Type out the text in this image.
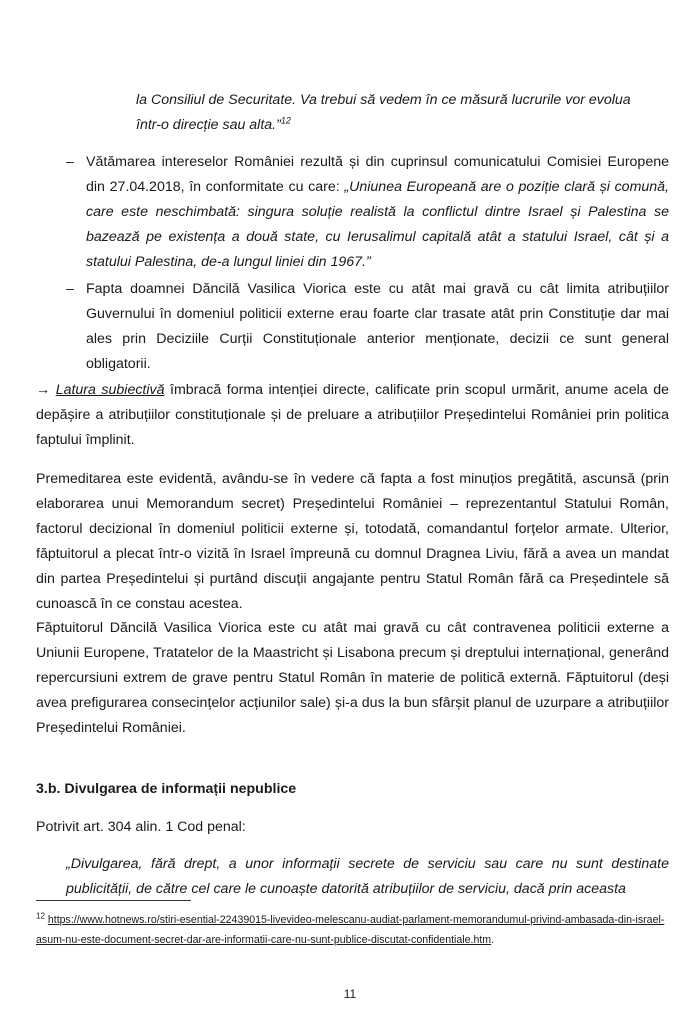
la Consiliul de Securitate. Va trebui să vedem în ce măsură lucrurile vor evolua
într-o direcție sau alta.”$^{12}$

– Vătămarea intereselor României rezultă și din cuprinsul comunicatului Comisiei Europene din 27.04.2018, în conformitate cu care: „Uniunea Europeană are o poziție clară și comună, care este neschimbată: singura soluție realistă la conflictul dintre Israel și Palestina se bazează pe existența a două state, cu Ierusalimul capitală atât a statului Israel, cât și a statului Palestina, de-a lungul liniei din 1967.”

– Fapta doamnei Dăncilă Vasilica Viorica este cu atât mai gravă cu cât limita atribuțiilor Guvernului în domeniul politicii externe erau foarte clar trasate atât prin Constituție dar mai ales prin Deciziile Curții Constituționale anterior menționate, decizii ce sunt general obligatorii.

→ Latura subiectivă îmbracă forma intenției directe, calificate prin scopul urmărit, anume acela de depășire a atribuțiilor constituționale și de preluare a atribuțiilor Președintelui României prin politica faptului împlinit.

Premeditarea este evidentă, avându-se în vedere că fapta a fost minuțios pregătită, ascunsă (prin elaborarea unui Memorandum secret) Președintelui României – reprezentantul Statului Român, factorul decizional în domeniul politicii externe și, totodată, comandantul forțelor armate. Ulterior, făptuitorul a plecat într-o vizită în Israel împreună cu domnul Dragnea Liviu, fără a avea un mandat din partea Președintelui și purtând discuții angajante pentru Statul Român fără ca Președintele să cunoască în ce constau acestea.

Făptuitorul Dăncilă Vasilica Viorica este cu atât mai gravă cu cât contravenea politicii externe a Uniunii Europene, Tratatelor de la Maastricht și Lisabona precum și dreptului internațional, generând repercursiuni extrem de grave pentru Statul Român în materie de politică externă. Făptuitorul (deși avea prefigurarea consecințelor acțiunilor sale) și-a dus la bun sfârșit planul de uzurpare a atribuțiilor Președintelui României.

3.b. Divulgarea de informații nepublice
Potrivit art. 304 alin. 1 Cod penal:

„Divulgarea, fără drept, a unor informații secrete de serviciu sau care nu sunt destinate publicității, de către cel care le cunoaște datorită atribuțiilor de serviciu, dacă prin aceasta

$^{12}$ https://www.hotnews.ro/stiri-esential-22439015-livevideo-melescanu-audiat-parlament-memorandumul-privind-ambasada-din-israel-asum-nu-este-document-secret-dar-are-informatii-care-nu-sunt-publice-discutat-confidentiale.htm.
11
